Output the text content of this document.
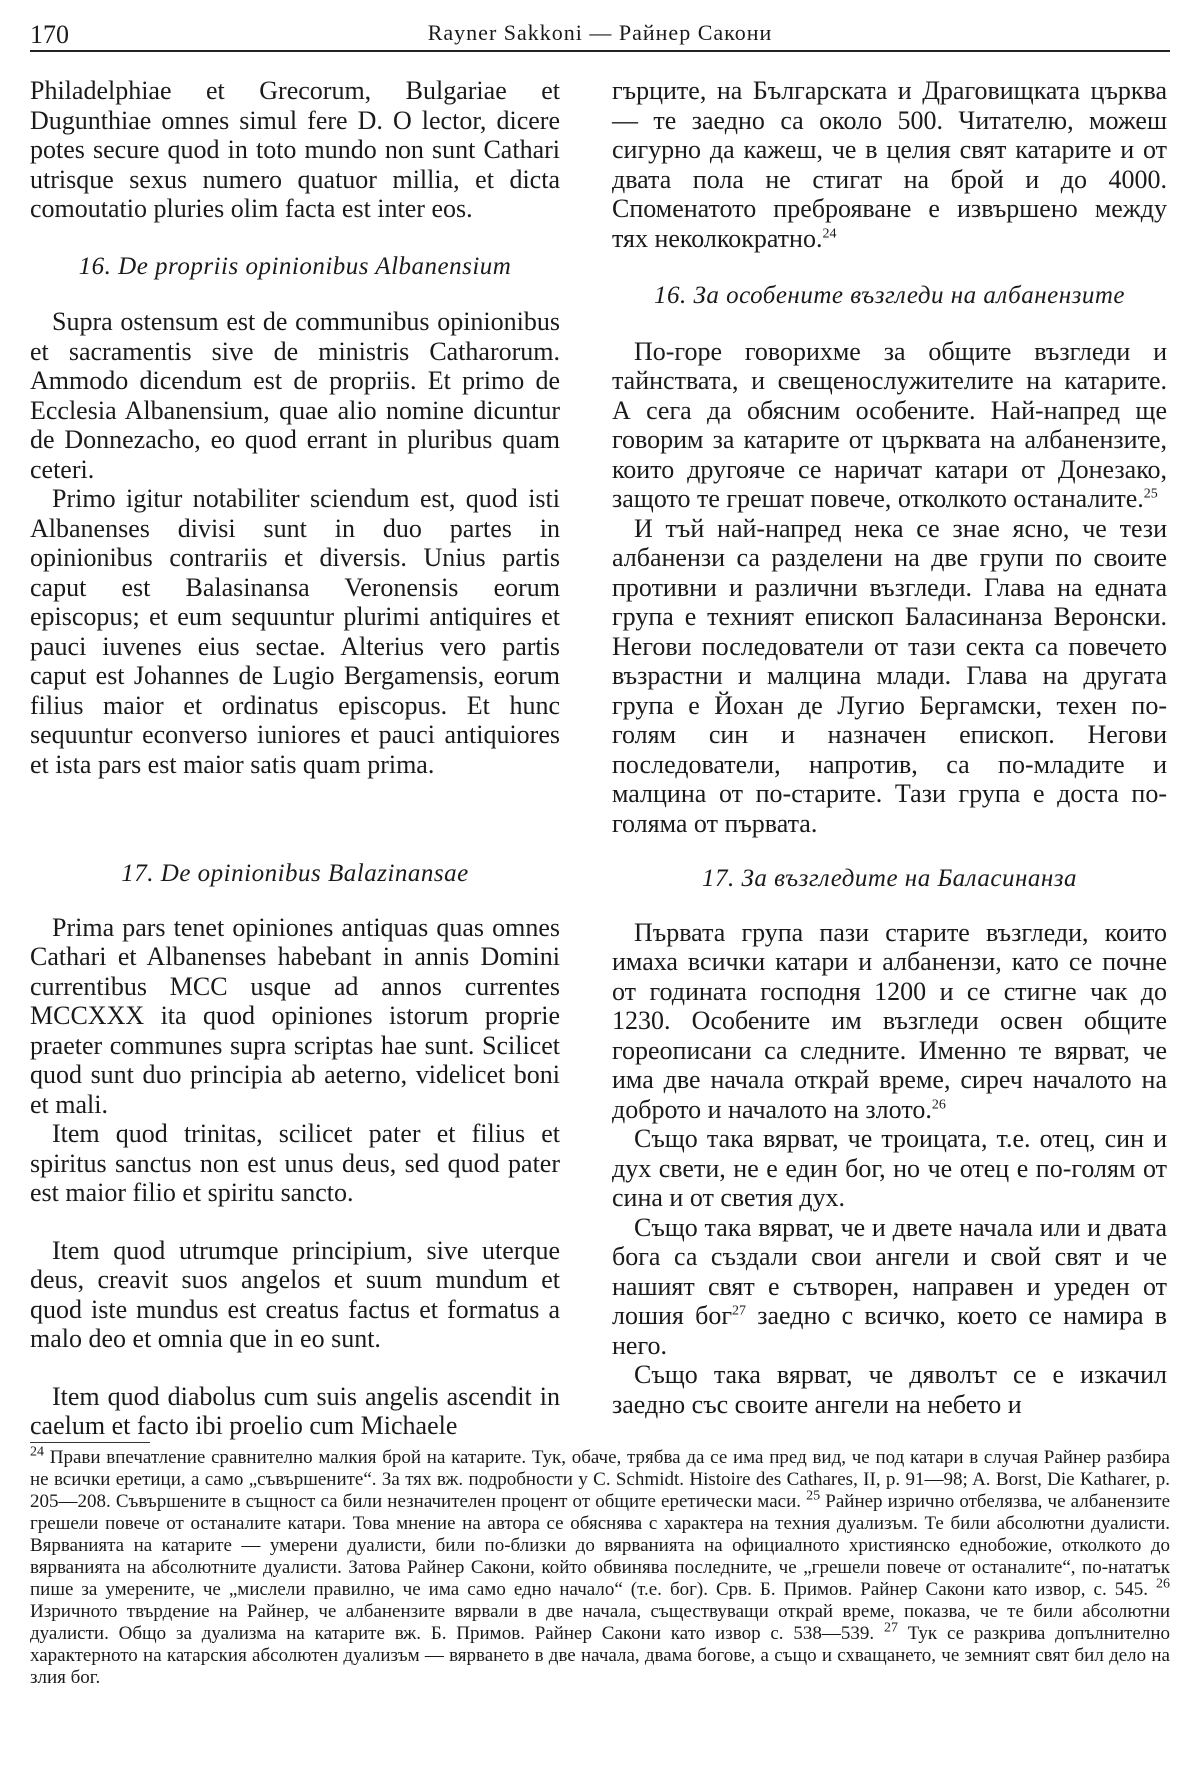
170	Rayner Sakkoni — Райнер Сакони

Philadelphiae et Grecorum, Bulgariae et Dugunthiae omnes simul fere D. O lector, dicere potes secure quod in toto mundo non sunt Cathari utrisque sexus numero quatuor millia, et dicta comoutatio pluries olim facta est inter eos.

16. De propriis opinionibus Albanensium

Supra ostensum est de communibus opinionibus et sacramentis sive de ministris Catharorum. Ammodo dicendum est de propriis. Et primo de Ecclesia Albanensium, quae alio nomine dicuntur de Donnezacho, eo quod errant in pluribus quam ceteri.

Primo igitur notabiliter sciendum est, quod isti Albanenses divisi sunt in duo partes in opinionibus contrariis et diversis. Unius partis caput est Balasinansa Veronensis eorum episcopus; et eum sequuntur plurimi antiquires et pauci iuvenes eius sectae. Alterius vero partis caput est Johannes de Lugio Bergamensis, eorum filius maior et ordinatus episcopus. Et hunc sequuntur econverso iuniores et pauci antiquiores et ista pars est maior satis quam prima.

17. De opinionibus Balazinansae

Prima pars tenet opiniones antiquas quas omnes Cathari et Albanenses habebant in annis Domini currentibus MCC usque ad annos currentes MCCXXX ita quod opiniones istorum proprie praeter communes supra scriptas hae sunt. Scilicet quod sunt duo principia ab aeterno, videlicet boni et mali.

Item quod trinitas, scilicet pater et filius et spiritus sanctus non est unus deus, sed quod pater est maior filio et spiritu sancto.

Item quod utrumque principium, sive uterque deus, creavit suos angelos et suum mundum et quod iste mundus est creatus factus et formatus a malo deo et omnia que in eo sunt.

Item quod diabolus cum suis angelis ascendit in caelum et facto ibi proelio cum Michaele

гърците, на Българската и Драговищката църква — те заедно са около 500. Читателю, можеш сигурно да кажеш, че в целия свят катарите и от двата пола не стигат на брой и до 4000. Споменатото преброяване е извършено между тях неколкократно.$^{24}$

16. За особените възгледи на албанензите

По-горе говорихме за общите възгледи и тайнствата, и свещенослужителите на катарите. А сега да обясним особените. Най-напред ще говорим за катарите от църквата на албанензите, които другояче се наричат катари от Донезако, защото те грешат повече, отколкото останалите.$^{25}$

И тъй най-напред нека се знае ясно, че тези албанензи са разделени на две групи по своите противни и различни възгледи. Глава на едната група е техният епископ Баласинанза Веронски. Негови последователи от тази секта са повечето възрастни и малцина млади. Глава на другата група е Йохан де Лугио Бергамски, техен по-голям син и назначен епископ. Негови последователи, напротив, са по-младите и малцина от по-старите. Тази група е доста по-голяма от първата.

17. За възгледите на Баласинанза

Първата група пази старите възгледи, които имаха всички катари и албанензи, като се почне от годината господня 1200 и се стигне чак до 1230. Особените им възгледи освен общите гореописани са следните. Именно те вярват, че има две начала открай време, сиреч началото на доброто и началото на злото.$^{26}$

Също така вярват, че троицата, т.е. отец, син и дух свети, не е един бог, но че отец е по-голям от сина и от светия дух.

Също така вярват, че и двете начала или и двата бога са създали свои ангели и свой свят и че нашият свят е сътворен, направен и уреден от лошия бог$^{27}$ заедно с всичко, което се намира в него.

Също така вярват, че дяволът се е изкачил заедно със своите ангели на небето и

$^{24}$ Прави впечатление сравнително малкия брой на катарите. Тук, обаче, трябва да се има пред вид, че под катари в случая Райнер разбира не всички еретици, а само „съвършените“. За тях вж. подробности у С. Schmidt. Histoire des Cathares, II, p. 91—98; A. Borst, Die Katharer, p. 205—208. Съвършените в същност са били незначителен процент от общите еретически маси. $^{25}$ Райнер изрично отбелязва, че албанензите грешели повече от останалите катари. Това мнение на автора се обяснява с характера на техния дуализъм. Те били абсолютни дуалисти. Вярванията на катарите — умерени дуалисти, били по-близки до вярванията на официалното християнско еднобожие, отколкото до вярванията на абсолютните дуалисти. Затова Райнер Сакони, който обвинява последните, че „грешели повече от останалите“, по-нататък пише за умерените, че „мислели правилно, че има само едно начало“ (т.е. бог). Срв. Б. Примов. Райнер Сакони като извор, с. 545. $^{26}$ Изричното твърдение на Райнер, че албанензите вярвали в две начала, съществуващи открай време, показва, че те били абсолютни дуалисти. Общо за дуализма на катарите вж. Б. Примов. Райнер Сакони като извор с. 538—539. $^{27}$ Тук се разкрива допълнително характерното на катарския абсолютен дуализъм — вярването в две начала, двама богове, а също и схващането, че земният свят бил дело на злия бог.
